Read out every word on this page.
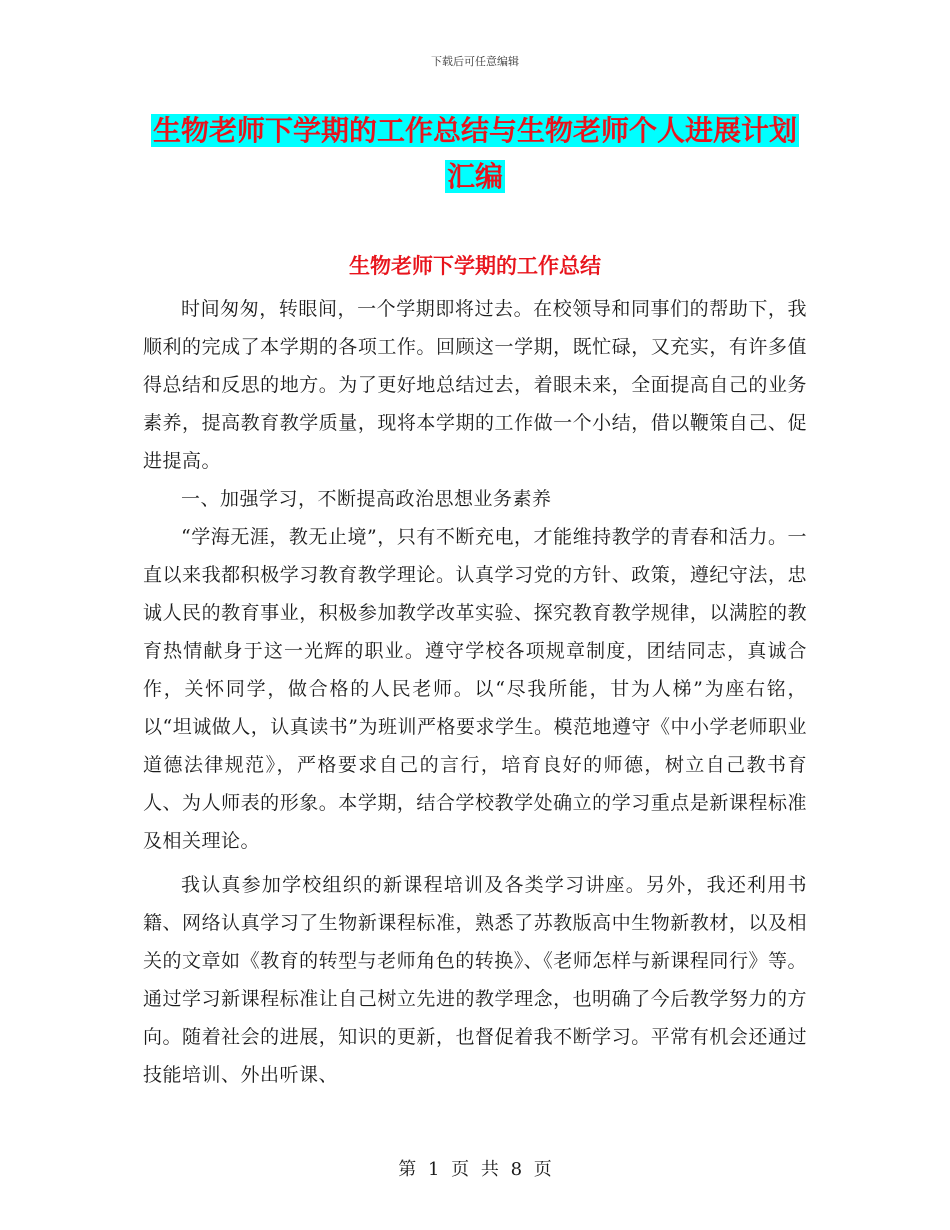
下载后可任意编辑
生物老师下学期的工作总结与生物老师个人进展计划
汇编
生物老师下学期的工作总结

时间匆匆，转眼间，一个学期即将过去。在校领导和同事们的帮助下，我顺利的完成了本学期的各项工作。回顾这一学期，既忙碌，又充实，有许多值得总结和反思的地方。为了更好地总结过去，着眼未来，全面提高自己的业务素养，提高教育教学质量，现将本学期的工作做一个小结，借以鞭策自己、促进提高。

一、加强学习，不断提高政治思想业务素养

“学海无涯，教无止境”，只有不断充电，才能维持教学的青春和活力。一直以来我都积极学习教育教学理论。认真学习党的方针、政策，遵纪守法，忠诚人民的教育事业，积极参加教学改革实验、探究教育教学规律，以满腔的教育热情献身于这一光辉的职业。遵守学校各项规章制度，团结同志，真诚合作，关怀同学，做合格的人民老师。以“尽我所能，甘为人梯”为座右铭，以“坦诚做人，认真读书”为班训严格要求学生。模范地遵守《中小学老师职业道德法律规范》，严格要求自己的言行，培育良好的师德，树立自己教书育人、为人师表的形象。本学期，结合学校教学处确立的学习重点是新课程标准及相关理论。

我认真参加学校组织的新课程培训及各类学习讲座。另外，我还利用书籍、网络认真学习了生物新课程标准，熟悉了苏教版高中生物新教材，以及相关的文章如《教育的转型与老师角色的转换》、《老师怎样与新课程同行》等。通过学习新课程标准让自己树立先进的教学理念，也明确了今后教学努力的方向。随着社会的进展，知识的更新，也督促着我不断学习。平常有机会还通过技能培训、外出听课、

第 1 页 共 8 页
